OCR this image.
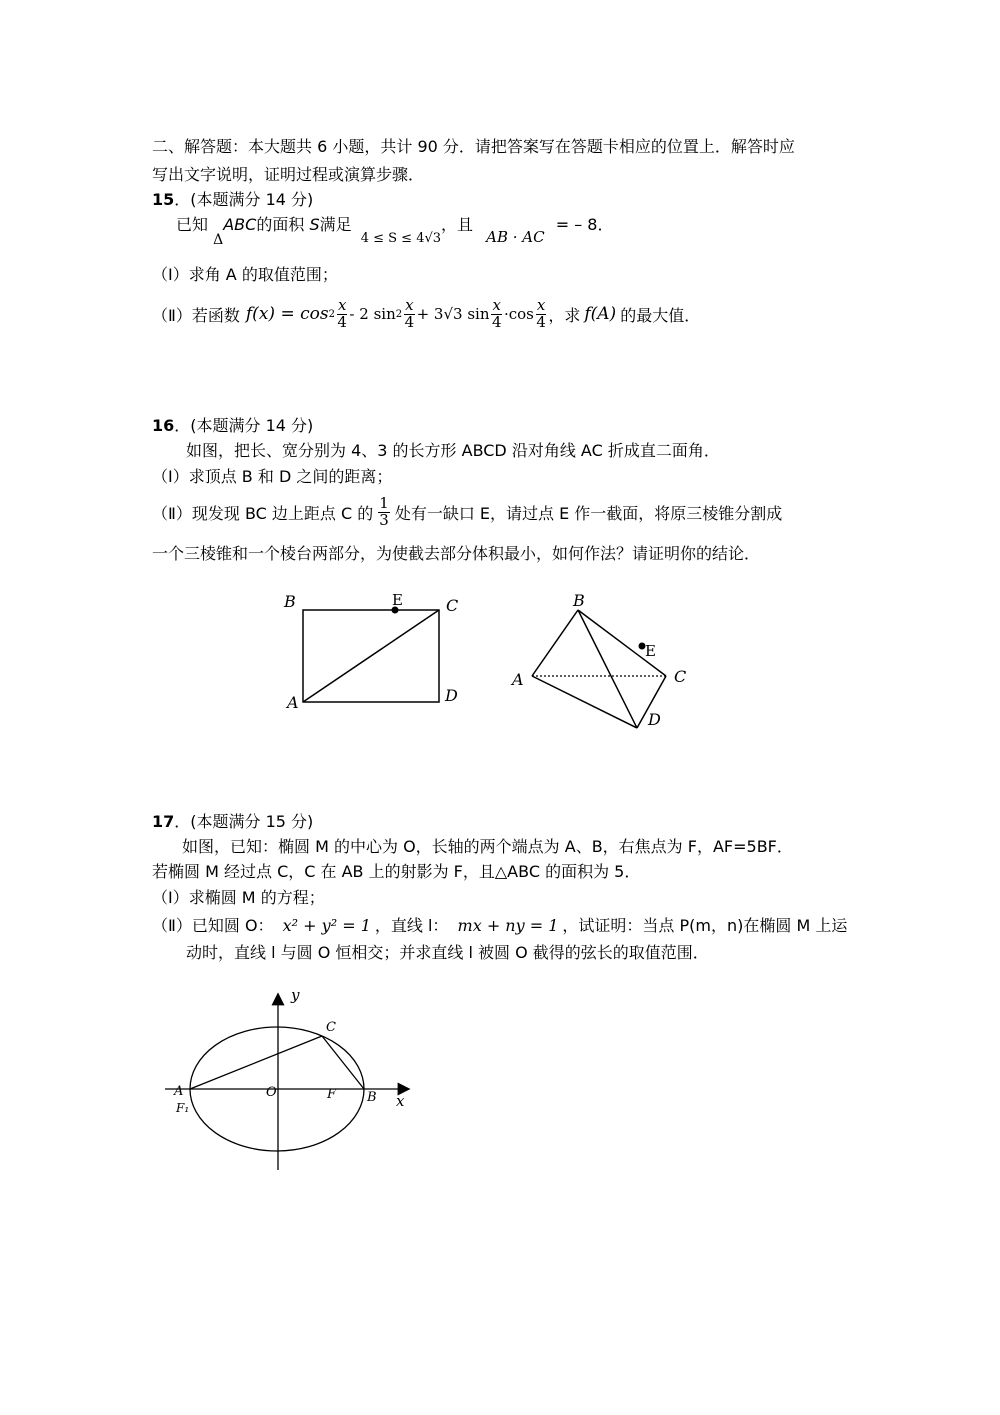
二、解答题：本大题共 6 小题，共计 90 分．请把答案写在答题卡相应的位置上．解答时应
写出文字说明，证明过程或演算步骤．
15．(本题满分 14 分)
已知 ΔABC的面积 S满足 $_{4 \le S \le 4√3}$，且 AB · AC = – 8．
（Ⅰ）求角 A 的取值范围；
（Ⅱ）若函数 $f(x) = \cos 2 \frac{x}{4} - 2$ $\sin 2 \frac{x}{4} + 3√3$ $\sin \frac{x}{4} \cdot\cos \frac{x}{4}$ ，求 f(A) 的最大值．
16．(本题满分 14 分)
如图，把长、宽分别为 4、3 的长方形 ABCD 沿对角线 AC 折成直二面角．
（Ⅰ）求顶点 B 和 D 之间的距离；
（Ⅱ）现发现 BC 边上距点 C 的 $\frac{1}{3}$ 处有一缺口 E，请过点 E 作一截面，将原三棱锥分割成
一个三棱锥和一个棱台两部分，为使截去部分体积最小，如何作法？请证明你的结论．
B	E	C
A	D
B
E
A	C
D
17．(本题满分 15 分)
如图，已知：椭圆 M 的中心为 O，长轴的两个端点为 A、B，右焦点为 F，AF=5BF．
若椭圆 M 经过点 C，C 在 AB 上的射影为 F，且△ABC 的面积为 5．
（Ⅰ）求椭圆 M 的方程；
（Ⅱ）已知圆 O： x² + y² = 1 ，直线 l： mx + ny = 1 ，试证明：当点 P(m，n)在椭圆 M 上运
动时，直线 l 与圆 O 恒相交；并求直线 l 被圆 O 截得的弦长的取值范围．
y
x
C
A	O	F B
F₁
